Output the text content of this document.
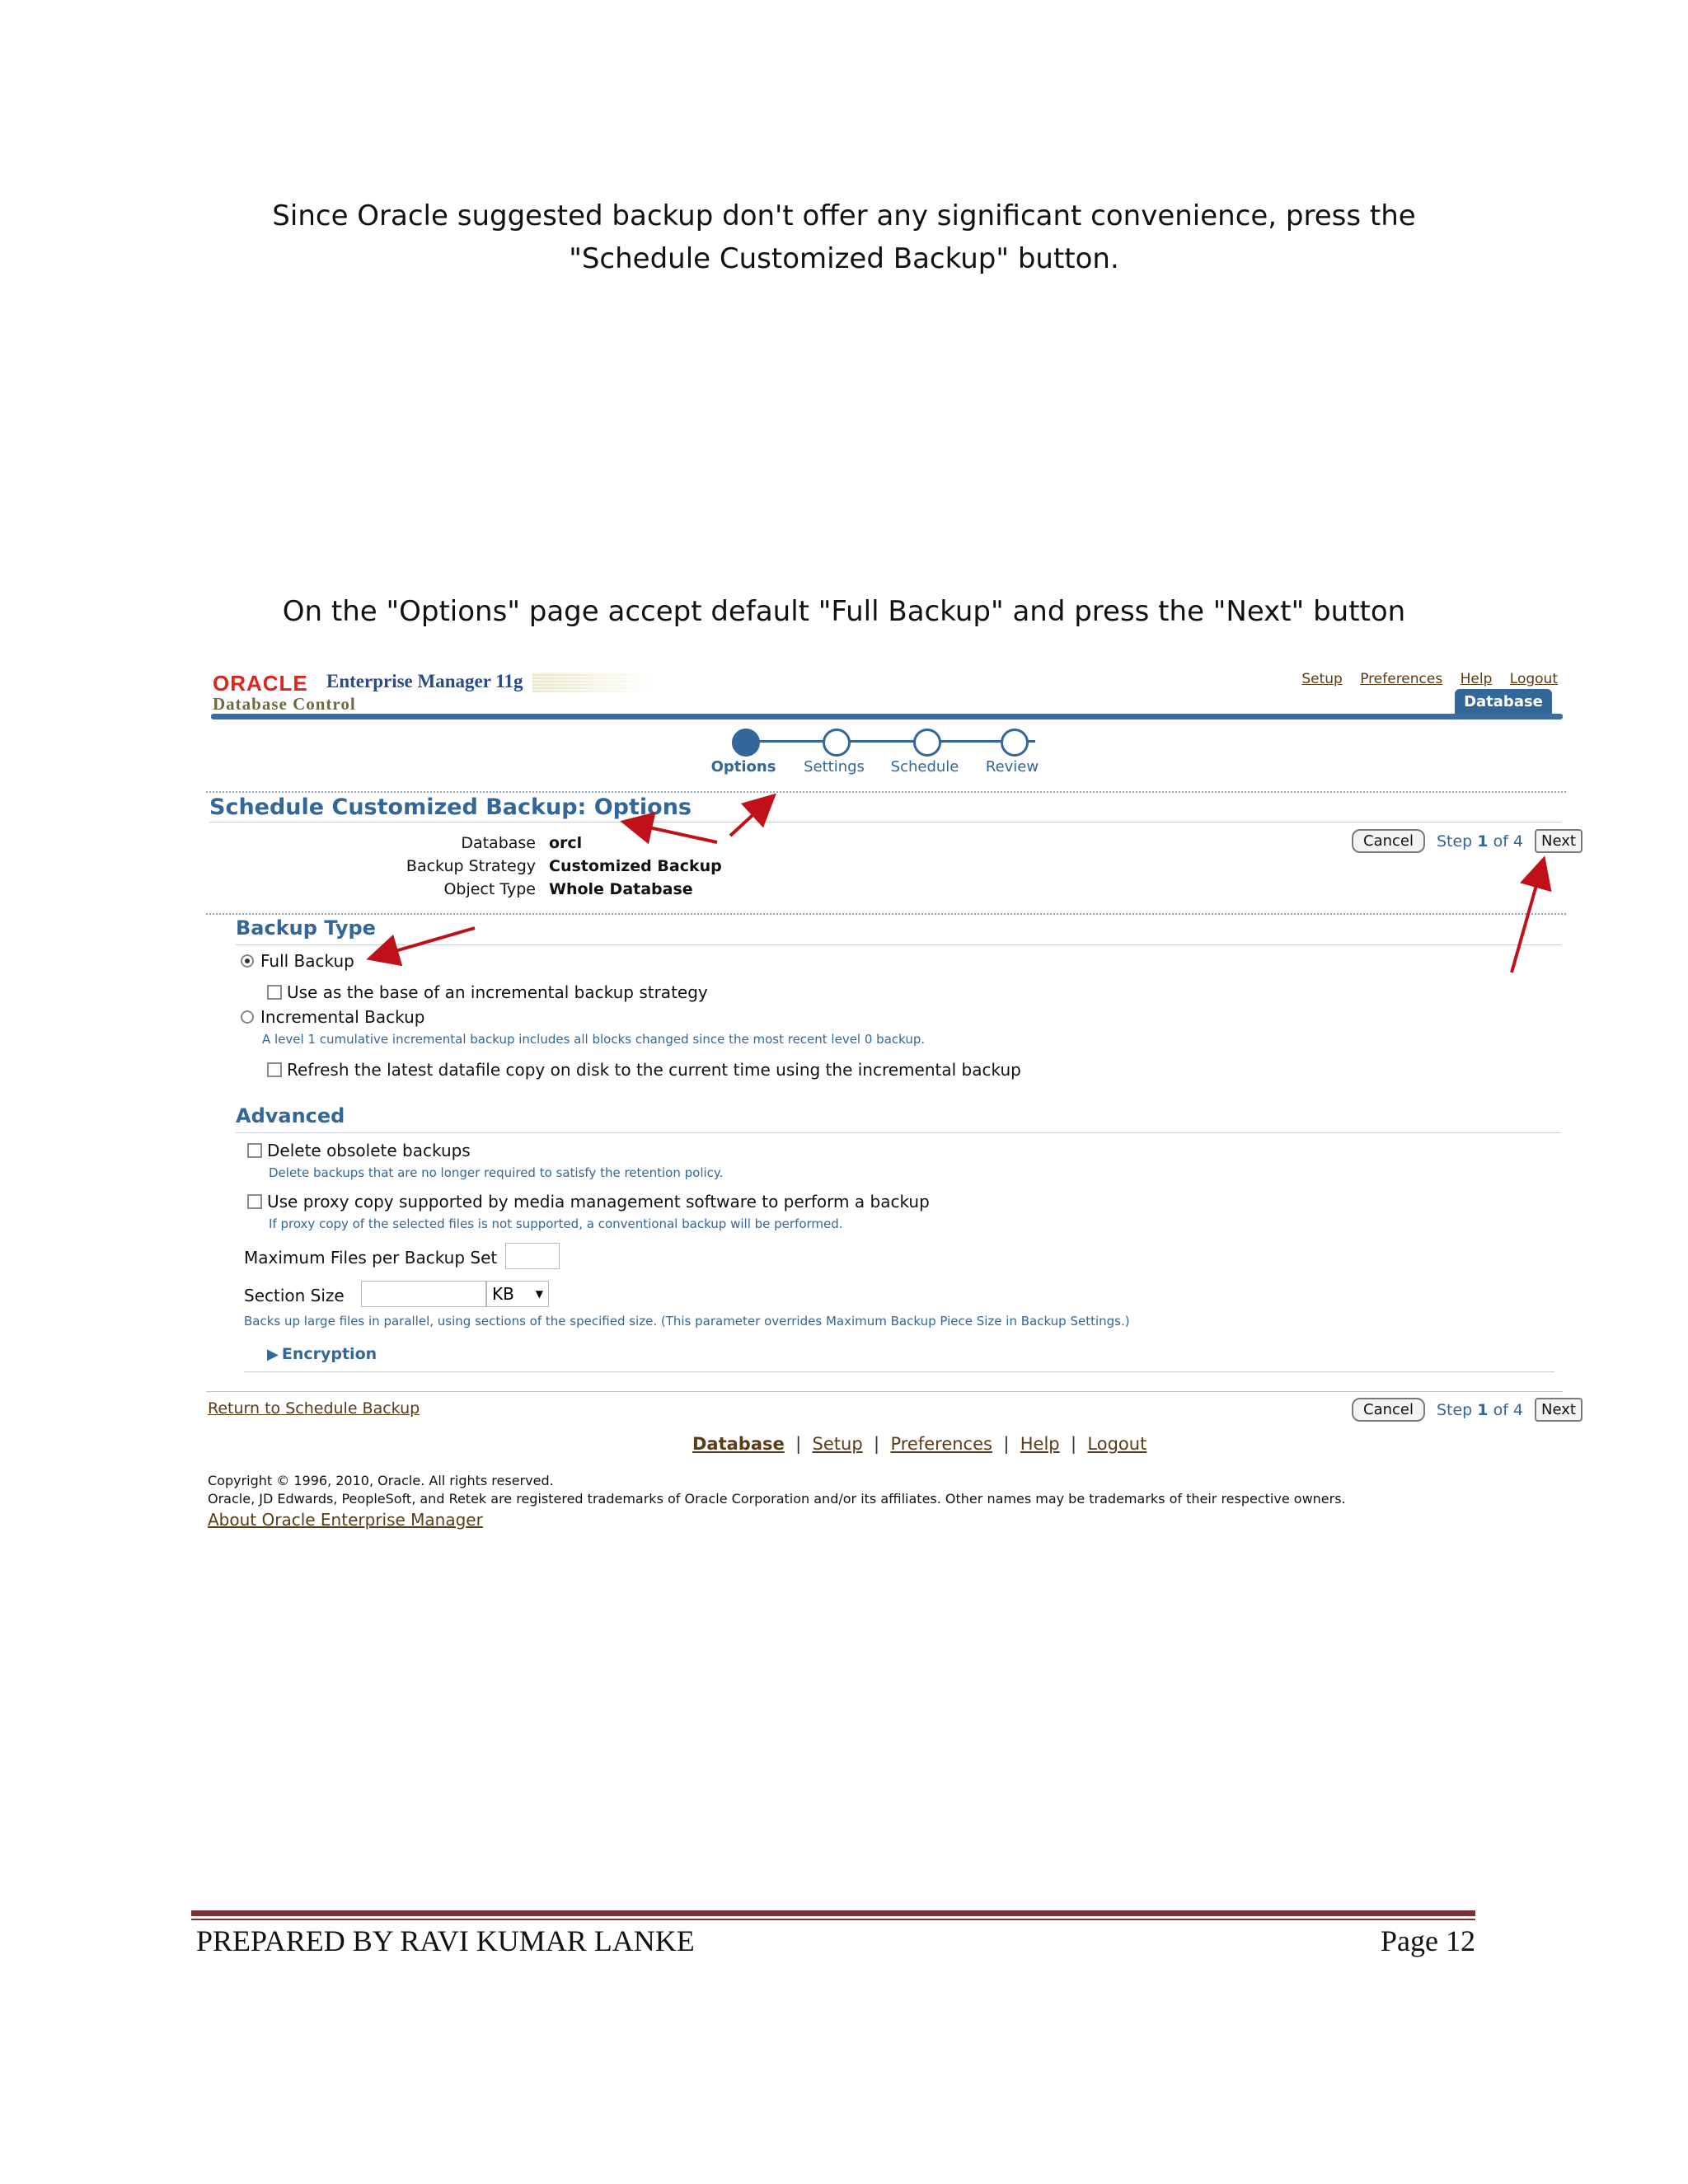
Since Oracle suggested backup don't offer any significant convenience, press the "Schedule Customized Backup" button.
On the "Options" page accept default "Full Backup" and press the "Next" button
ORACLE Enterprise Manager 11g
Database Control
Setup Preferences Help Logout
Database
Options	Settings	Schedule	Review
Schedule Customized Backup: Options
Database orcl
Backup Strategy Customized Backup
Object Type Whole Database
Cancel	Step 1 of 4	Next
Backup Type
Full Backup
Use as the base of an incremental backup strategy
Incremental Backup
A level 1 cumulative incremental backup includes all blocks changed since the most recent level 0 backup.
Refresh the latest datafile copy on disk to the current time using the incremental backup
Advanced
Delete obsolete backups
Delete backups that are no longer required to satisfy the retention policy.
Use proxy copy supported by media management software to perform a backup
If proxy copy of the selected files is not supported, a conventional backup will be performed.
Maximum Files per Backup Set
Section Size	KB ▼
Backs up large files in parallel, using sections of the specified size. (This parameter overrides Maximum Backup Piece Size in Backup Settings.)
▶ Encryption
Return to Schedule Backup	Cancel	Step 1 of 4	Next
Database  |  Setup  |  Preferences  |  Help  |  Logout
Copyright © 1996, 2010, Oracle. All rights reserved.
Oracle, JD Edwards, PeopleSoft, and Retek are registered trademarks of Oracle Corporation and/or its affiliates. Other names may be trademarks of their respective owners.
About Oracle Enterprise Manager
PREPARED BY RAVI KUMAR LANKE	Page 12
